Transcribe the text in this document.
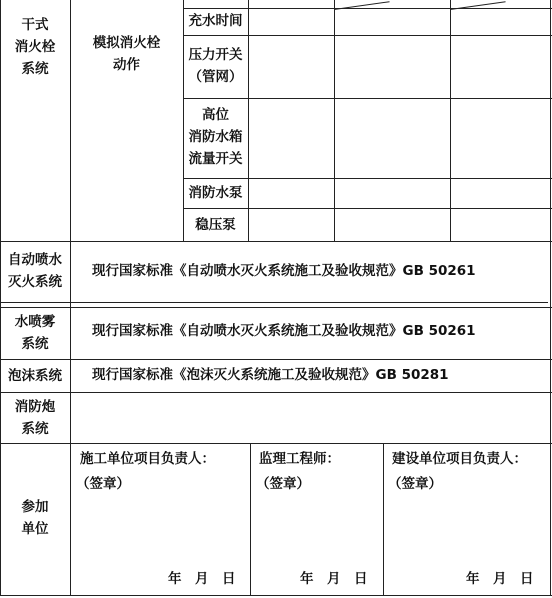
干式
消火栓
系统
模拟消火栓
动作
充水时间
压力开关
（管网）
高位
消防水箱
流量开关
消防水泵
稳压泵
自动喷水
灭火系统
现行国家标准《自动喷水灭火系统施工及验收规范》GB 50261
水喷雾
系统
现行国家标准《自动喷水灭火系统施工及验收规范》GB 50261
泡沫系统	现行国家标准《泡沫灭火系统施工及验收规范》GB 50281
消防炮
系统
参加
单位
施工单位项目负责人：
（签章）
年　月　日
监理工程师：
（签章）
年　月　日
建设单位项目负责人：
（签章）
年　月　日
